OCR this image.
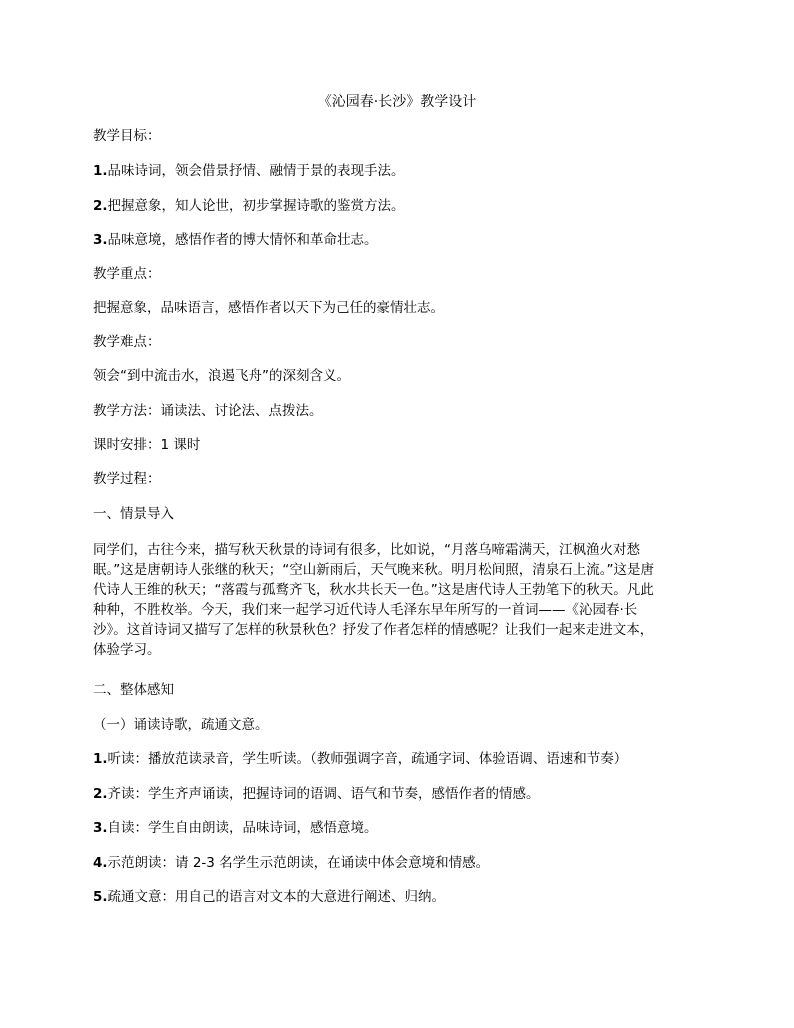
《沁园春·长沙》教学设计
教学目标：
1.品味诗词，领会借景抒情、融情于景的表现手法。
2.把握意象，知人论世，初步掌握诗歌的鉴赏方法。
3.品味意境，感悟作者的博大情怀和革命壮志。
教学重点：
把握意象，品味语言，感悟作者以天下为己任的豪情壮志。
教学难点：
领会“到中流击水，浪遏飞舟”的深刻含义。
教学方法：诵读法、讨论法、点拨法。
课时安排：1 课时
教学过程：
一、情景导入
同学们，古往今来，描写秋天秋景的诗词有很多，比如说，“月落乌啼霜满天，江枫渔火对愁
眠。”这是唐朝诗人张继的秋天；“空山新雨后，天气晚来秋。明月松间照，清泉石上流。”这是唐
代诗人王维的秋天；“落霞与孤鹜齐飞，秋水共长天一色。”这是唐代诗人王勃笔下的秋天。凡此
种种，不胜枚举。今天，我们来一起学习近代诗人毛泽东早年所写的一首词——《沁园春·长
沙》。这首诗词又描写了怎样的秋景秋色？抒发了作者怎样的情感呢？让我们一起来走进文本，
体验学习。
二、整体感知
（一）诵读诗歌，疏通文意。
1.听读：播放范读录音，学生听读。（教师强调字音，疏通字词、体验语调、语速和节奏）
2.齐读：学生齐声诵读，把握诗词的语调、语气和节奏，感悟作者的情感。
3.自读：学生自由朗读，品味诗词，感悟意境。
4.示范朗读：请 2-3 名学生示范朗读，在诵读中体会意境和情感。
5.疏通文意：用自己的语言对文本的大意进行阐述、归纳。
